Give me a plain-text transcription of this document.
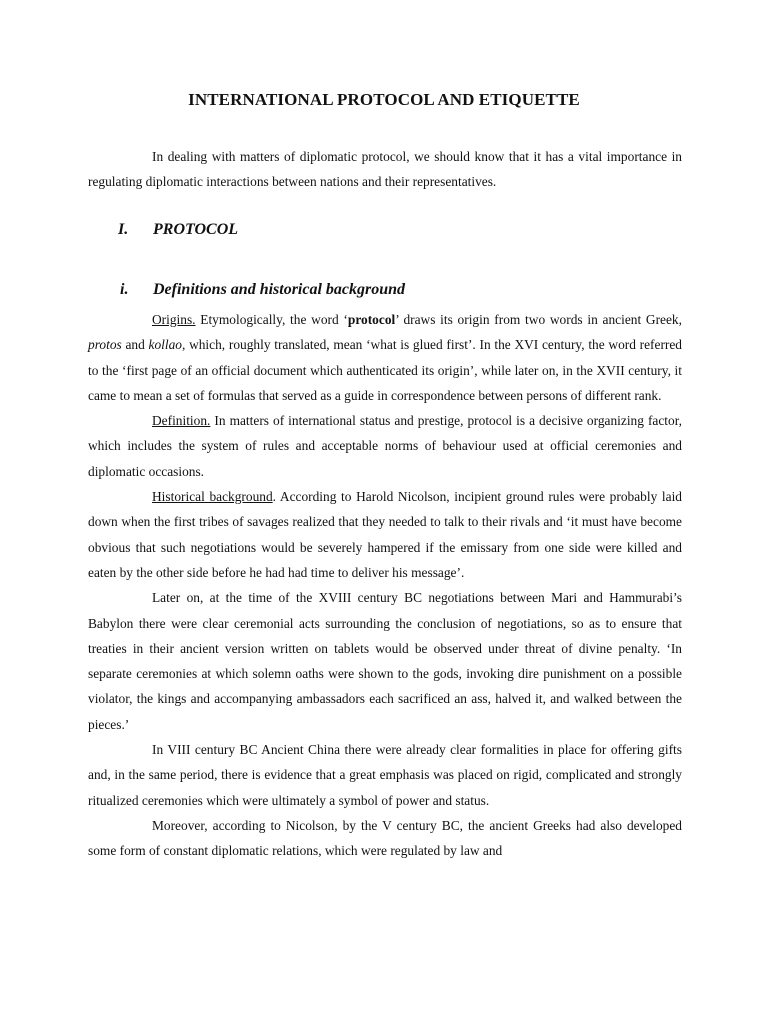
INTERNATIONAL PROTOCOL AND ETIQUETTE

In dealing with matters of diplomatic protocol, we should know that it has a vital importance in regulating diplomatic interactions between nations and their representatives.

I. PROTOCOL
i. Definitions and historical background

Origins. Etymologically, the word ‘protocol’ draws its origin from two words in ancient Greek, protos and kollao, which, roughly translated, mean ‘what is glued first’. In the XVI century, the word referred to the ‘first page of an official document which authenticated its origin’, while later on, in the XVII century, it came to mean a set of formulas that served as a guide in correspondence between persons of different rank.

Definition. In matters of international status and prestige, protocol is a decisive organizing factor, which includes the system of rules and acceptable norms of behaviour used at official ceremonies and diplomatic occasions.

Historical background. According to Harold Nicolson, incipient ground rules were probably laid down when the first tribes of savages realized that they needed to talk to their rivals and ‘it must have become obvious that such negotiations would be severely hampered if the emissary from one side were killed and eaten by the other side before he had had time to deliver his message’.

Later on, at the time of the XVIII century BC negotiations between Mari and Hammurabi’s Babylon there were clear ceremonial acts surrounding the conclusion of negotiations, so as to ensure that treaties in their ancient version written on tablets would be observed under threat of divine penalty. ‘In separate ceremonies at which solemn oaths were shown to the gods, invoking dire punishment on a possible violator, the kings and accompanying ambassadors each sacrificed an ass, halved it, and walked between the pieces.’

In VIII century BC Ancient China there were already clear formalities in place for offering gifts and, in the same period, there is evidence that a great emphasis was placed on rigid, complicated and strongly ritualized ceremonies which were ultimately a symbol of power and status.

Moreover, according to Nicolson, by the V century BC, the ancient Greeks had also developed some form of constant diplomatic relations, which were regulated by law and
